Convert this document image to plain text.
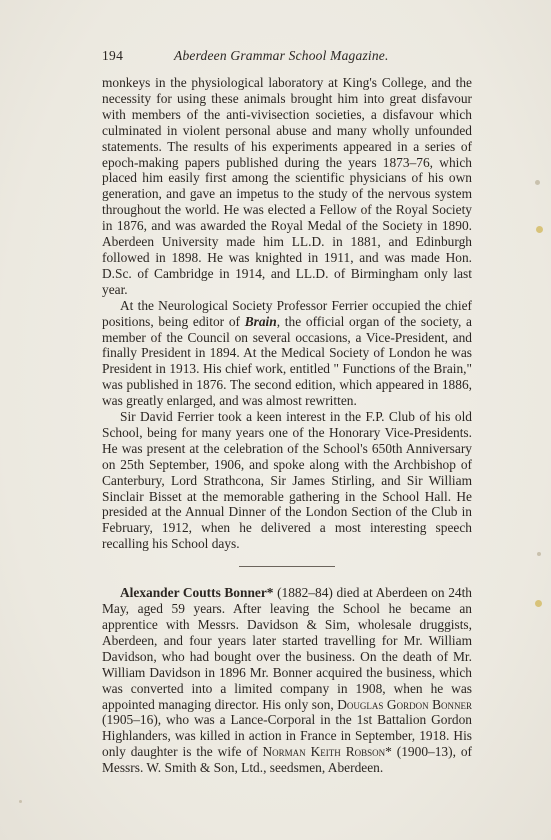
194	Aberdeen Grammar School Magazine.

monkeys in the physiological laboratory at King's College, and the necessity for using these animals brought him into great disfavour with members of the anti-vivisection societies, a disfavour which culminated in violent personal abuse and many wholly unfounded statements. The results of his experiments appeared in a series of epoch-making papers published during the years 1873–76, which placed him easily first among the scientific physicians of his own generation, and gave an impetus to the study of the nervous system throughout the world. He was elected a Fellow of the Royal Society in 1876, and was awarded the Royal Medal of the Society in 1890. Aberdeen University made him LL.D. in 1881, and Edinburgh followed in 1898. He was knighted in 1911, and was made Hon. D.Sc. of Cambridge in 1914, and LL.D. of Birmingham only last year.

At the Neurological Society Professor Ferrier occupied the chief positions, being editor of Brain, the official organ of the society, a member of the Council on several occasions, a Vice-President, and finally President in 1894. At the Medical Society of London he was President in 1913. His chief work, entitled " Functions of the Brain," was published in 1876. The second edition, which appeared in 1886, was greatly enlarged, and was almost rewritten.

Sir David Ferrier took a keen interest in the F.P. Club of his old School, being for many years one of the Honorary Vice-Presidents. He was present at the celebration of the School's 650th Anniversary on 25th September, 1906, and spoke along with the Archbishop of Canterbury, Lord Strathcona, Sir James Stirling, and Sir William Sinclair Bisset at the memorable gathering in the School Hall. He presided at the Annual Dinner of the London Section of the Club in February, 1912, when he delivered a most interesting speech recalling his School days.

Alexander Coutts Bonner* (1882–84) died at Aberdeen on 24th May, aged 59 years. After leaving the School he became an apprentice with Messrs. Davidson & Sim, wholesale druggists, Aberdeen, and four years later started travelling for Mr. William Davidson, who had bought over the business. On the death of Mr. William Davidson in 1896 Mr. Bonner acquired the business, which was converted into a limited company in 1908, when he was appointed managing director. His only son, Douglas Gordon Bonner (1905–16), who was a Lance-Corporal in the 1st Battalion Gordon Highlanders, was killed in action in France in September, 1918. His only daughter is the wife of Norman Keith Robson* (1900–13), of Messrs. W. Smith & Son, Ltd., seedsmen, Aberdeen.
